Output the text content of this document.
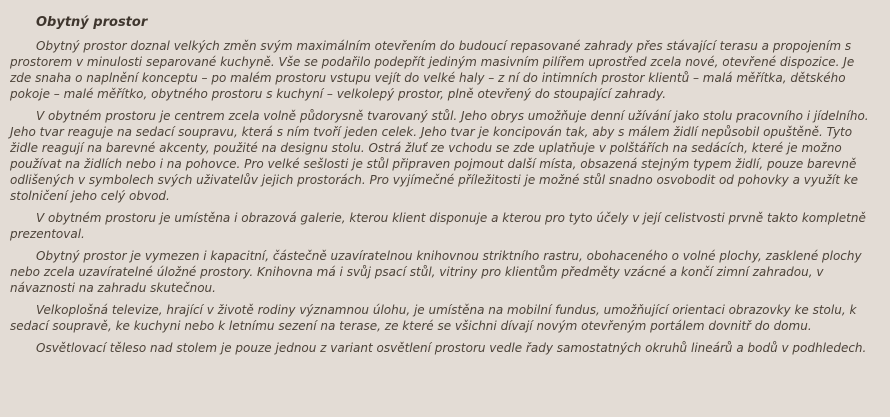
Obytný prostor

Obytný prostor doznal velkých změn svým maximálním otevřením do budoucí repasované zahrady přes stávající terasu a propojením s prostorem v minulosti separované kuchyně. Vše se podařilo podepřít jediným masivním pilířem uprostřed zcela nové, otevřené dispozice. Je zde snaha o naplnění konceptu – po malém prostoru vstupu vejít do velké haly – z ní do intimních prostor klientů – malá měřítka, dětského pokoje – malé měřítko, obytného prostoru s kuchyní – velkolepý prostor, plně otevřený do stoupající zahrady.

V obytném prostoru je centrem zcela volně půdorysně tvarovaný stůl. Jeho obrys umožňuje denní užívání jako stolu pracovního i jídelního. Jeho tvar reaguje na sedací soupravu, která s ním tvoří jeden celek. Jeho tvar je koncipován tak, aby s málem židlí nepůsobil opuštěně. Tyto židle reagují na barevné akcenty, použité na designu stolu. Ostrá žluť ze vchodu se zde uplatňuje v polštářích na sedácích, které je možno používat na židlích nebo i na pohovce. Pro velké sešlosti je stůl připraven pojmout další místa, obsazená stejným typem židlí, pouze barevně odlišených v symbolech svých uživatelův jejich prostorách. Pro vyjímečné příležitosti je možné stůl snadno osvobodit od pohovky a využít ke stolničení jeho celý obvod.

V obytném prostoru je umístěna i obrazová galerie, kterou klient disponuje a kterou pro tyto účely v její celistvosti prvně takto kompletně prezentoval.

Obytný prostor je vymezen i kapacitní, částečně uzavíratelnou knihovnou striktního rastru, obohaceného o volné plochy, zasklené plochy nebo zcela uzavíratelné úložné prostory. Knihovna má i svůj psací stůl, vitriny pro klientům předměty vzácné a končí zimní zahradou, v návaznosti na zahradu skutečnou.

Velkoplošná televize, hrající v životě rodiny významnou úlohu, je umístěna na mobilní fundus, umožňující orientaci obrazovky ke stolu, k sedací soupravě, ke kuchyni nebo k letnímu sezení na terase, ze které se všichni dívají novým otevřeným portálem dovnitř do domu.

Osvětlovací těleso nad stolem je pouze jednou z variant osvětlení prostoru vedle řady samostatných okruhů lineárů a bodů v podhledech.
